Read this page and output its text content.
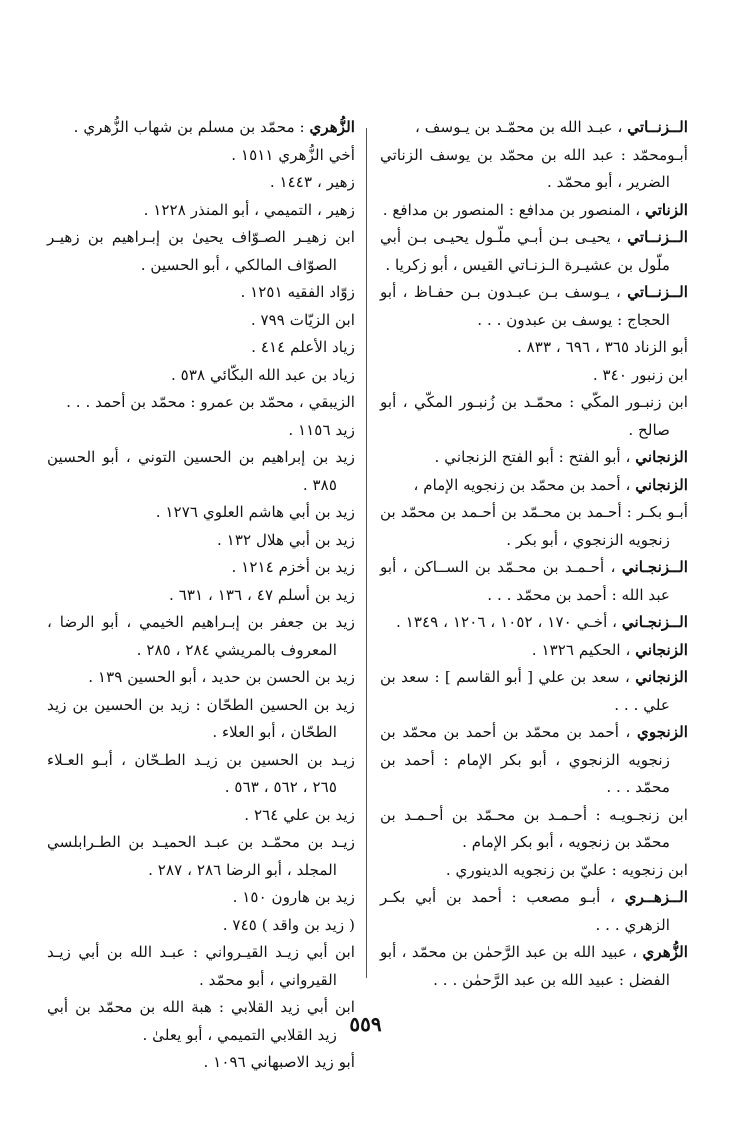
الــزنــاتي ، عبـد الله بن محمّـد بن يـوسف ،

أبـومحمّد : عبد الله بن محمّد بن يوسف الزناتي الضرير ، أبو محمّد .

الزناتي ، المنصور بن مدافع : المنصور بن مدافع .

الــزنــاتي ، يحيـى بـن أبـي ملّـول يحيـى بـن أبي ملّول بن عشيـرة الـزنـاتي القيس ، أبو زكريا .

الــزنــاتي ، يـوسف بـن عبـدون بـن حفـاظ ، أبو الحجاج : يوسف بن عبدون . . .

أبو الزناد ٣٦٥ ، ٦٩٦ ، ٨٣٣ .

ابن زنبور ٣٤٠ .

ابن زنبـور المكّي : محمّـد بن زُنبـور المكّي ، أبو صالح .

الزنجاني ، أبو الفتح : أبو الفتح الزنجاني .

الزنجاني ، أحمد بن محمّد بن زنجويه الإمام ،

أبـو بكـر : أحـمد بن محـمّد بن أحـمد بن محمّد بن زنجويه الزنجوي ، أبو بكر .

الــزنجـاني ، أحـمـد بن محـمّد بن الســاكن ، أبو عبد الله : أحمد بن محمّد . . .

الــزنجـاني ، أخـي ١٧٠ ، ١٠٥٢ ، ١٢٠٦ ، ١٣٤٩ .

الزنجاني ، الحكيم ١٣٢٦ .

الزنجاني ، سعد بن علي [ أبو القاسم ] : سعد بن علي . . .

الزنجوي ، أحمد بن محمّد بن أحمد بن محمّد بن زنجويه الزنجوي ، أبو بكر الإمام : أحمد بن محمّد . . .

ابن زنجـويـه : أحـمـد بن محـمّد بن أحـمـد بن محمّد بن زنجويه ، أبو بكر الإمام .

ابن زنجويه : عليّ بن زنجويه الدينوري .

الــزهــري ، أبـو مصعب : أحمد بن أبي بكـر الزهري . . .

الزُّهري ، عبيد الله بن عبد الرَّحمٰن بن محمّد ، أبو الفضل : عبيد الله بن عبد الرَّحمٰن . . .

الزُّهري : محمّد بن مسلم بن شهاب الزُّهري .

أخي الزُّهري ١٥١١ .

زهير ، ١٤٤٣ .

زهير ، التميمي ، أبو المنذر ١٢٢٨ .

ابن زهيـر الصـوّاف يحيىٰ بن إبـراهيم بن زهيـر الصوّاف المالكي ، أبو الحسين .

زوّاد الفقيه ١٢٥١ .

ابن الزيّات ٧٩٩ .

زياد الأعلم ٤١٤ .

زياد بن عبد الله البكّائي ٥٣٨ .

الزيبقي ، محمّد بن عمرو : محمّد بن أحمد . . .

زيد ١١٥٦ .

زيد بن إبراهيم بن الحسين التوني ، أبو الحسين ٣٨٥ .

زيد بن أبي هاشم العلوي ١٢٧٦ .

زيد بن أبي هلال ١٣٢ .

زيد بن أخزم ١٢١٤ .

زيد بن أسلم ٤٧ ، ١٣٦ ، ٦٣١ .

زيد بن جعفر بن إبـراهيم الخيمي ، أبو الرضا ، المعروف بالمريشي ٢٨٤ ، ٢٨٥ .

زيد بن الحسن بن حديد ، أبو الحسين ١٣٩ .

زيد بن الحسين الطحّان : زيد بن الحسين بن زيد الطحّان ، أبو العلاء .

زيـد بن الحسين بن زيـد الطـحّان ، أبـو العـلاء ٢٦٥ ، ٥٦٢ ، ٥٦٣ .

زيد بن علي ٢٦٤ .

زيـد بن محمّـد بن عبـد الحميـد بن الطـرابلسي المجلد ، أبو الرضا ٢٨٦ ، ٢٨٧ .

زيد بن هارون ١٥٠ .

( زيد بن واقد ) ٧٤٥ .

ابن أبي زيـد القيـرواني : عبـد الله بن أبي زيـد القيرواني ، أبو محمّد .

ابن أبي زيد القلابي : هبة الله بن محمّد بن أبي زيد القلابي التميمي ، أبو يعلىٰ .

أبو زيد الاصبهاني ١٠٩٦ .

٥٥٩
